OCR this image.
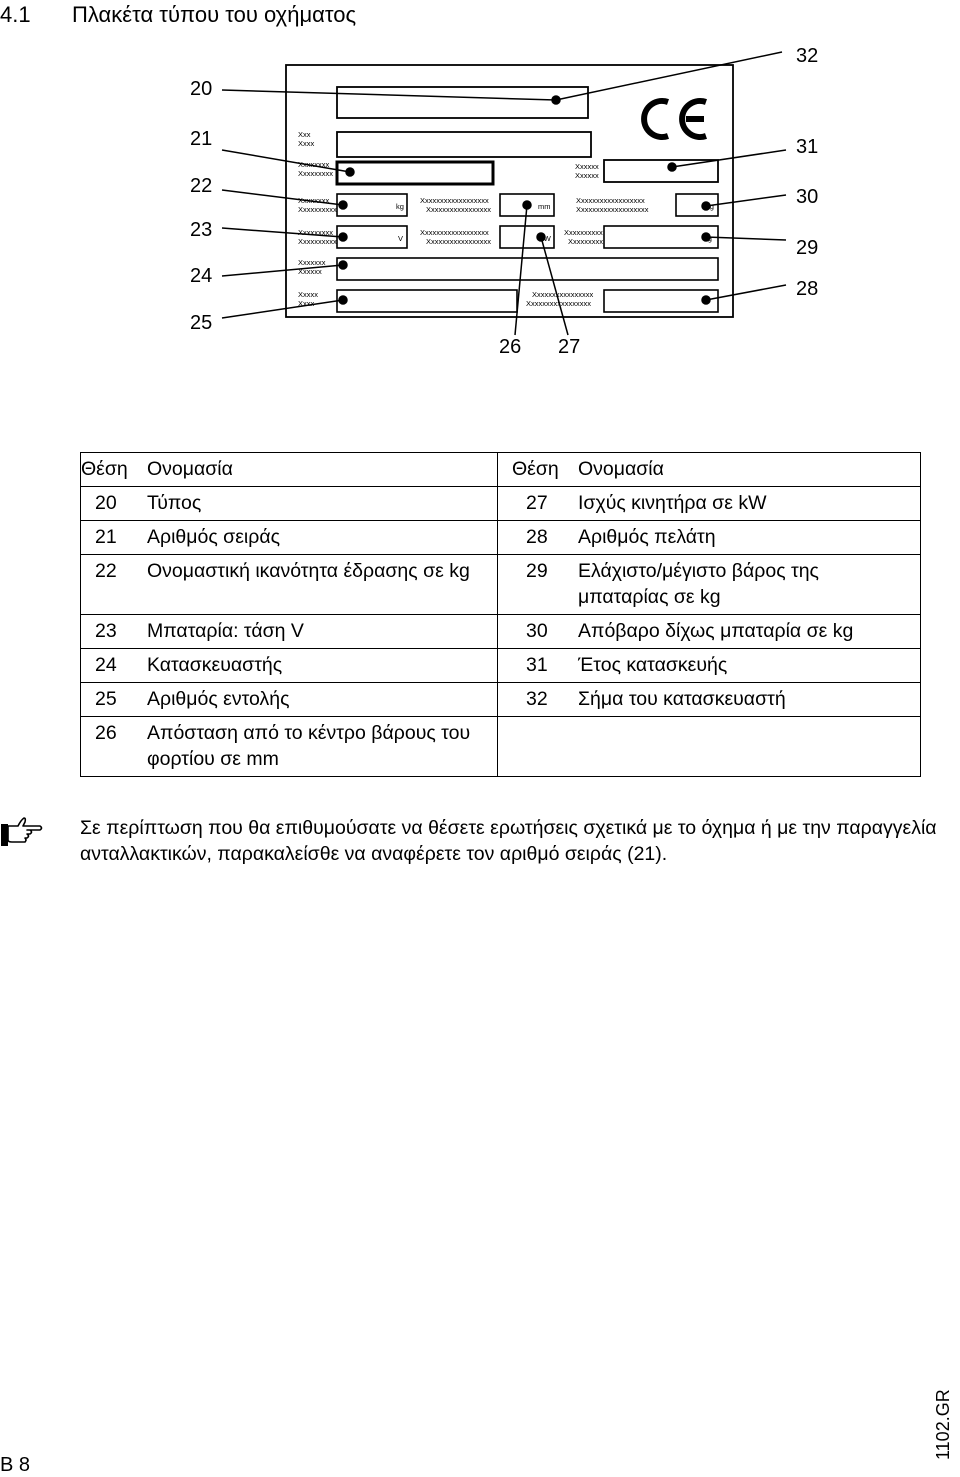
4.1 Πλακέτα τύπου του οχήματος
Xxx
Xxxx
Xxxxxxxx
Xxxxxxxxx
Xxxxxxxx
Xxxxxxxxxx
Xxxxxxxxx
Xxxxxxxxxx
Xxxxxxx
Xxxxxx
Xxxxx
Xxxx
kg
V
mm
kW
kg
kg
Xxxxxxxxxxxxxxxxxx
Xxxxxxxxxxxxxxxxx
Xxxxxxxxxxxxxxxxxx
Xxxxxxxxxxxxxxxxx
Xxxxxx
Xxxxxx
Xxxxxxxxxxxxxxxxxx
Xxxxxxxxxxxxxxxxxxx
Xxxxxxxxxx
Xxxxxxxxx
Xxxxxxxxxxxxxxxx
Xxxxxxxxxxxxxxxxx
20
21
22
23
24
25
26 27
28
29
30
31
32
Θέση Ονομασία	Θέση Ονομασία
20 Τύπος	27 Ισχύς κινητήρα σε kW
21 Αριθμός σειράς	28 Αριθμός πελάτη
22 Ονομαστική ικανότητα έδρασης σε kg	29 Ελάχιστο/μέγιστο βάρος της μπαταρίας σε kg
23 Μπαταρία: τάση V	30 Απόβαρο δίχως μπαταρία σε kg
24 Κατασκευαστής	31 Έτος κατασκευής
25 Αριθμός εντολής	32 Σήμα του κατασκευαστή
26 Απόσταση από το κέντρο βάρους του φορτίου σε mm	
Σε περίπτωση που θα επιθυμούσατε να θέσετε ερωτήσεις σχετικά με το όχημα ή με την παραγγελία ανταλλακτικών, παρακαλείσθε να αναφέρετε τον αριθμό σειράς (21).
B 8
1102.GR
